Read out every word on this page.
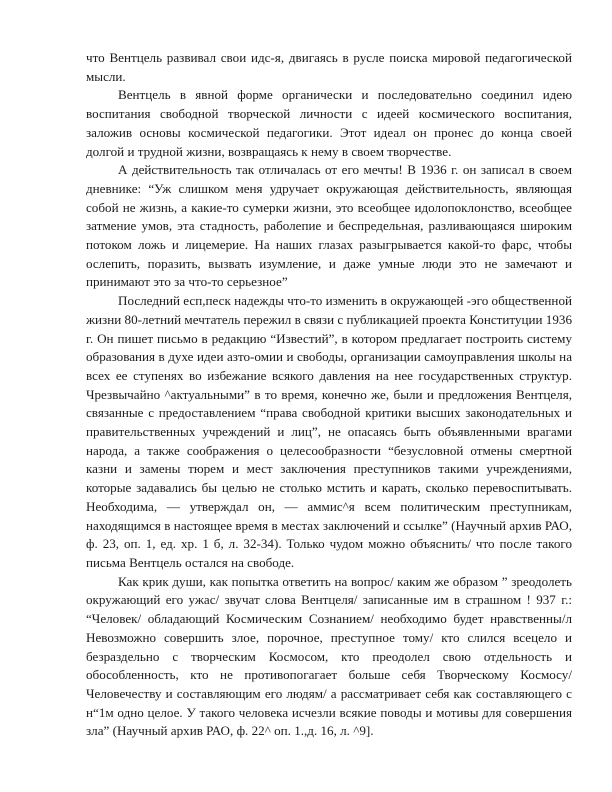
что Вентцель развивал свои идс-я, двигаясь в русле поиска мировой педагогической мысли.

Вентцель в явной форме органически и последовательно соединил идею воспитания свободной творческой личности с идеей космического воспитания, заложив основы космической педагогики. Этот идеал он пронес до конца своей долгой и трудной жизни, возвращаясь к нему в своем творчестве.

А действительность так отличалась от его мечты! В 1936 г. он записал в своем дневнике: “Уж слишком меня удручает окружающая действительность, являющая собой не жизнь, а какие-то сумерки жизни, это всеобщее идолопоклонство, всеобщее затмение умов, эта стадность, раболепие и беспредельная, разливающаяся широким потоком ложь и лицемерие. На наших глазах разыгрывается какой-то фарс, чтобы ослепить, поразить, вызвать изумление, и даже умные люди это не замечают и принимают это за что-то серьезное”

Последний есп,песк надежды что-то изменить в окружающей -эго общественной жизни 80-летний мечтатель пережил в связи с публикацией проекта Конституции 1936 г. Он пишет письмо в редакцию “Известий”, в котором предлагает построить систему образования в духе идеи азто-омии и свободы, организации самоуправления школы на всех ее ступенях во избежание всякого давления на нее государственных структур. Чрезвычайно ^актуальными” в то время, конечно же, были и предложения Вентцеля, связанные с предоставлением “права свободной критики высших законодательных и правительственных учреждений и лиц”, не опасаясь быть объявленными врагами народа, а также соображения о целесообразности “безусловной отмены смертной казни и замены тюрем и мест заключения преступников такими учреждениями, которые задавались бы целью не столько мстить и карать, сколько перевоспитывать. Необходима, — утверждал он, — аммис^я всем политическим преступникам, находящимся в настоящее время в местах заключений и ссылке” (Научный архив РАО, ф. 23, оп. 1, ед. хр. 1 б, л. 32-34). Только чудом можно объяснить/ что после такого письма Вентцель остался на свободе.

Как крик души, как попытка ответить на вопрос/ каким же образом ” зреодолеть окружающий его ужас/ звучат слова Вентцеля/ записанные им в страшном ! 937 г.: “Человек/ обладающий Космическим Сознанием/ необходимо будет нравственны/л Невозможно совершить злое, порочное, преступное тому/ кто слился всецело и безраздельно с творческим Космосом, кто преодолел свою отдельность и обособленность, кто не противопогагает больше себя Творческому Космосу/ Человечеству и составляющим его людям/ а рассматривает себя как составляющего с н“1м одно целое. У такого человека исчезли всякие поводы и мотивы для совершения зла” (Научный архив РАО, ф. 22^ оп. 1.,д. 16, л. ^9].
